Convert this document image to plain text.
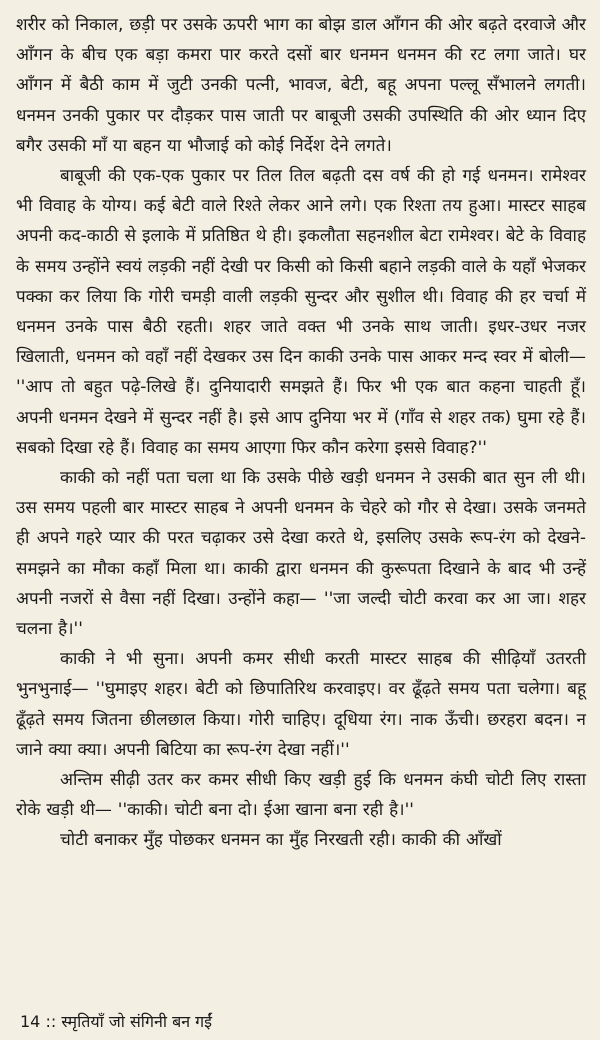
शरीर को निकाल, छड़ी पर उसके ऊपरी भाग का बोझ डाल आँगन की ओर बढ़ते दरवाजे और आँगन के बीच एक बड़ा कमरा पार करते दसों बार धनमन धनमन की रट लगा जाते। घर आँगन में बैठी काम में जुटी उनकी पत्नी, भावज, बेटी, बहू अपना पल्लू सँभालने लगती। धनमन उनकी पुकार पर दौड़कर पास जाती पर बाबूजी उसकी उपस्थिति की ओर ध्यान दिए बगैर उसकी माँ या बहन या भौजाई को कोई निर्देश देने लगते।

बाबूजी की एक-एक पुकार पर तिल तिल बढ़ती दस वर्ष की हो गई धनमन। रामेश्वर भी विवाह के योग्य। कई बेटी वाले रिश्ते लेकर आने लगे। एक रिश्ता तय हुआ। मास्टर साहब अपनी कद-काठी से इलाके में प्रतिष्ठित थे ही। इकलौता सहनशील बेटा रामेश्वर। बेटे के विवाह के समय उन्होंने स्वयं लड़की नहीं देखी पर किसी को किसी बहाने लड़की वाले के यहाँ भेजकर पक्का कर लिया कि गोरी चमड़ी वाली लड़की सुन्दर और सुशील थी। विवाह की हर चर्चा में धनमन उनके पास बैठी रहती। शहर जाते वक्त भी उनके साथ जाती। इधर-उधर नजर खिलाती, धनमन को वहाँ नहीं देखकर उस दिन काकी उनके पास आकर मन्द स्वर में बोली— ''आप तो बहुत पढ़े-लिखे हैं। दुनियादारी समझते हैं। फिर भी एक बात कहना चाहती हूँ। अपनी धनमन देखने में सुन्दर नहीं है। इसे आप दुनिया भर में (गाँव से शहर तक) घुमा रहे हैं। सबको दिखा रहे हैं। विवाह का समय आएगा फिर कौन करेगा इससे विवाह?''

काकी को नहीं पता चला था कि उसके पीछे खड़ी धनमन ने उसकी बात सुन ली थी। उस समय पहली बार मास्टर साहब ने अपनी धनमन के चेहरे को गौर से देखा। उसके जनमते ही अपने गहरे प्यार की परत चढ़ाकर उसे देखा करते थे, इसलिए उसके रूप-रंग को देखने-समझने का मौका कहाँ मिला था। काकी द्वारा धनमन की कुरूपता दिखाने के बाद भी उन्हें अपनी नजरों से वैसा नहीं दिखा। उन्होंने कहा— ''जा जल्दी चोटी करवा कर आ जा। शहर चलना है।''

काकी ने भी सुना। अपनी कमर सीधी करती मास्टर साहब की सीढ़ियाँ उतरती भुनभुनाई— ''घुमाइए शहर। बेटी को छिपातिरिथ करवाइए। वर ढूँढ़ते समय पता चलेगा। बहू ढूँढ़ते समय जितना छीलछाल किया। गोरी चाहिए। दूधिया रंग। नाक ऊँची। छरहरा बदन। न जाने क्या क्या। अपनी बिटिया का रूप-रंग देखा नहीं।''

अन्तिम सीढ़ी उतर कर कमर सीधी किए खड़ी हुई कि धनमन कंघी चोटी लिए रास्ता रोके खड़ी थी— ''काकी। चोटी बना दो। ईआ खाना बना रही है।''

चोटी बनाकर मुँह पोछकर धनमन का मुँह निरखती रही। काकी की आँखों

14 :: स्मृतियाँ जो संगिनी बन गईं
